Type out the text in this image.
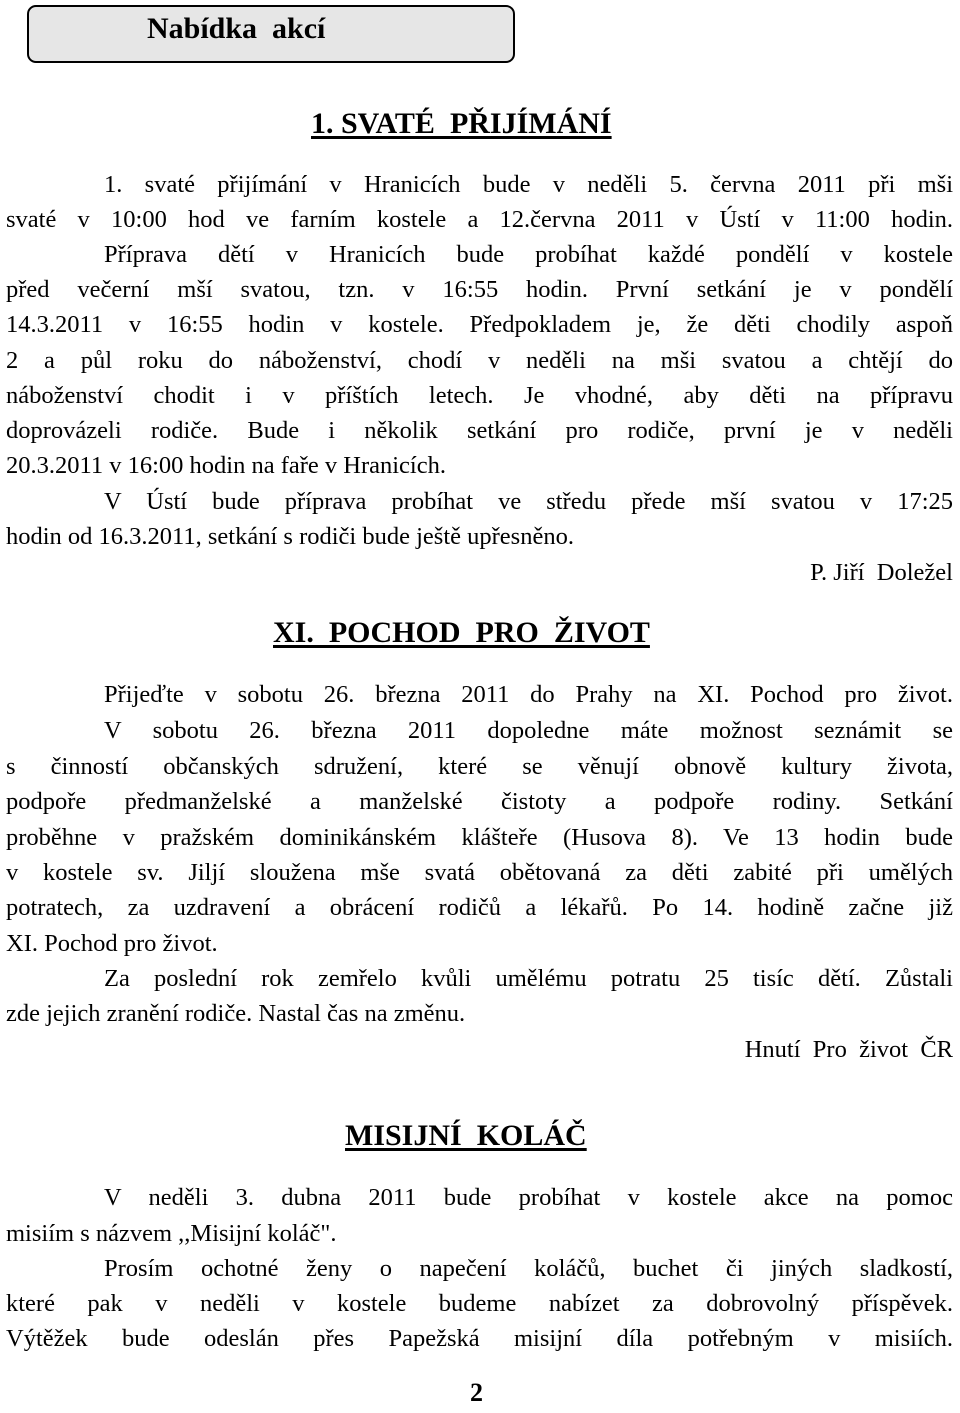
Nabídka  akcí
1. SVATÉ  PŘIJÍMÁNÍ
1. svaté přijímání v Hranicích bude v neděli 5. června 2011 při mši
svaté v 10:00 hod ve farním kostele a 12.června 2011 v Ústí v 11:00 hodin.
Příprava dětí v Hranicích bude probíhat každé pondělí v kostele
před večerní mší svatou, tzn. v 16:55 hodin. První setkání je v pondělí
14.3.2011 v 16:55 hodin v kostele. Předpokladem je, že děti chodily aspoň
2 a půl roku do náboženství, chodí v neděli na mši svatou a chtějí do
náboženství chodit i v příštích letech. Je vhodné, aby děti na přípravu
doprovázeli rodiče. Bude i několik setkání pro rodiče, první je v neděli
20.3.2011 v 16:00 hodin na faře v Hranicích.
V Ústí bude příprava probíhat ve středu přede mší svatou v 17:25
hodin od 16.3.2011, setkání s rodiči bude ještě upřesněno.
P. Jiří  Doležel
XI.  POCHOD  PRO  ŽIVOT
Přijeďte v sobotu 26. března 2011 do Prahy na XI. Pochod pro život.
V sobotu 26. března 2011 dopoledne máte možnost seznámit se
s činností občanských sdružení, které se věnují obnově kultury života,
podpoře předmanželské a manželské čistoty a podpoře rodiny. Setkání
proběhne v pražském dominikánském klášteře (Husova 8). Ve 13 hodin bude
v kostele sv. Jiljí sloužena mše svatá obětovaná za děti zabité při umělých
potratech, za uzdravení a obrácení rodičů a lékařů. Po 14. hodině začne již
XI. Pochod pro život.
Za poslední rok zemřelo kvůli umělému potratu 25 tisíc dětí. Zůstali
zde jejich zranění rodiče. Nastal čas na změnu.
Hnutí  Pro  život  ČR
MISIJNÍ  KOLÁČ
V neděli 3. dubna 2011 bude probíhat v kostele akce na pomoc
misiím s názvem ,,Misijní koláč".
Prosím ochotné ženy o napečení koláčů, buchet či jiných sladkostí,
které pak v neděli v kostele budeme nabízet za dobrovolný příspěvek.
Výtěžek bude odeslán přes Papežská misijní díla potřebným v misiích.
2
